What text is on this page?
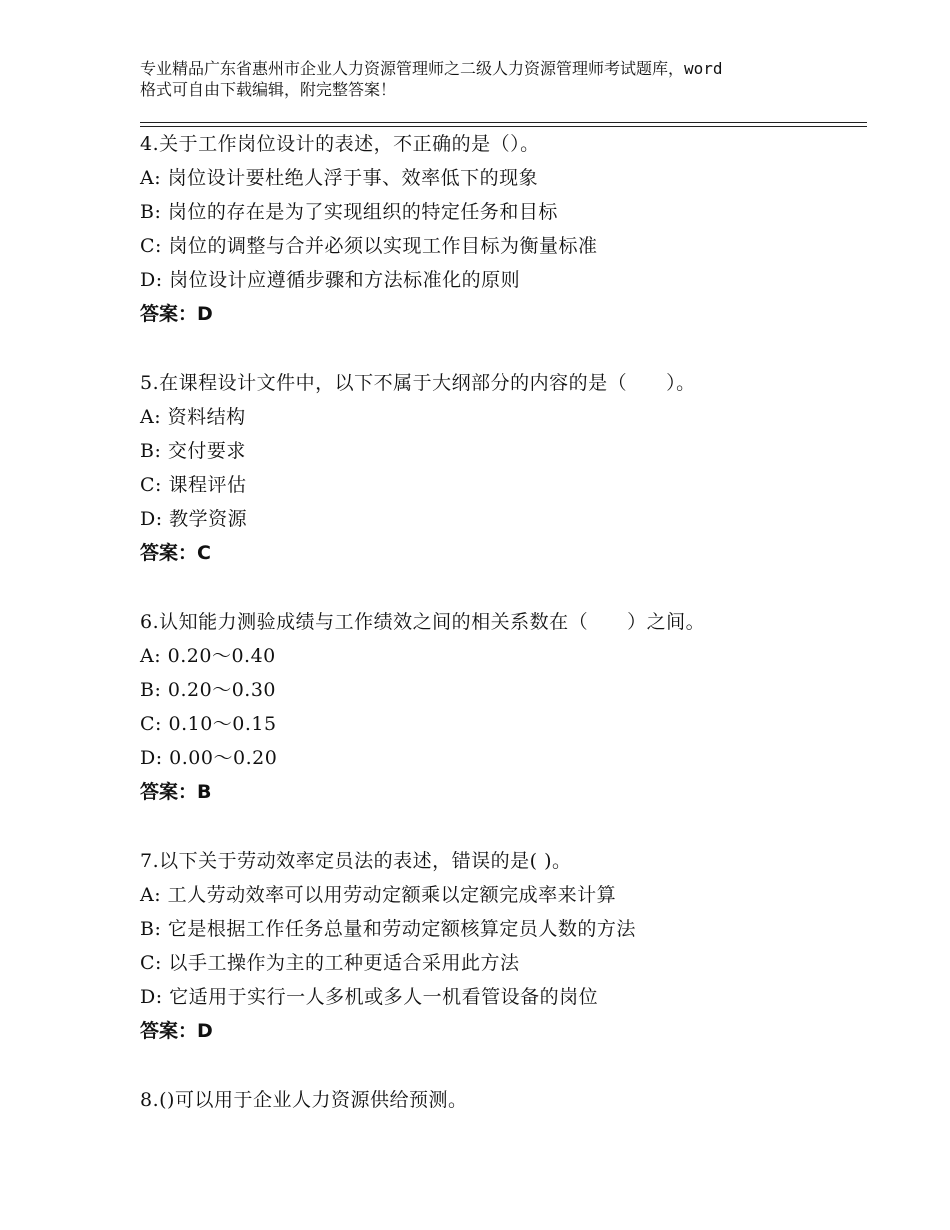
专业精品广东省惠州市企业人力资源管理师之二级人力资源管理师考试题库，word
格式可自由下载编辑，附完整答案！
4.关于工作岗位设计的表述，不正确的是（）。
A: 岗位设计要杜绝人浮于事、效率低下的现象
B: 岗位的存在是为了实现组织的特定任务和目标
C: 岗位的调整与合并必须以实现工作目标为衡量标准
D: 岗位设计应遵循步骤和方法标准化的原则
答案：D
5.在课程设计文件中，以下不属于大纲部分的内容的是（　　）。
A: 资料结构
B: 交付要求
C: 课程评估
D: 教学资源
答案：C
6.认知能力测验成绩与工作绩效之间的相关系数在（　　）之间。
A: 0.20～0.40
B: 0.20～0.30
C: 0.10～0.15
D: 0.00～0.20
答案：B
7.以下关于劳动效率定员法的表述，错误的是( )。
A: 工人劳动效率可以用劳动定额乘以定额完成率来计算
B: 它是根据工作任务总量和劳动定额核算定员人数的方法
C: 以手工操作为主的工种更适合采用此方法
D: 它适用于实行一人多机或多人一机看管设备的岗位
答案：D
8.()可以用于企业人力资源供给预测。
